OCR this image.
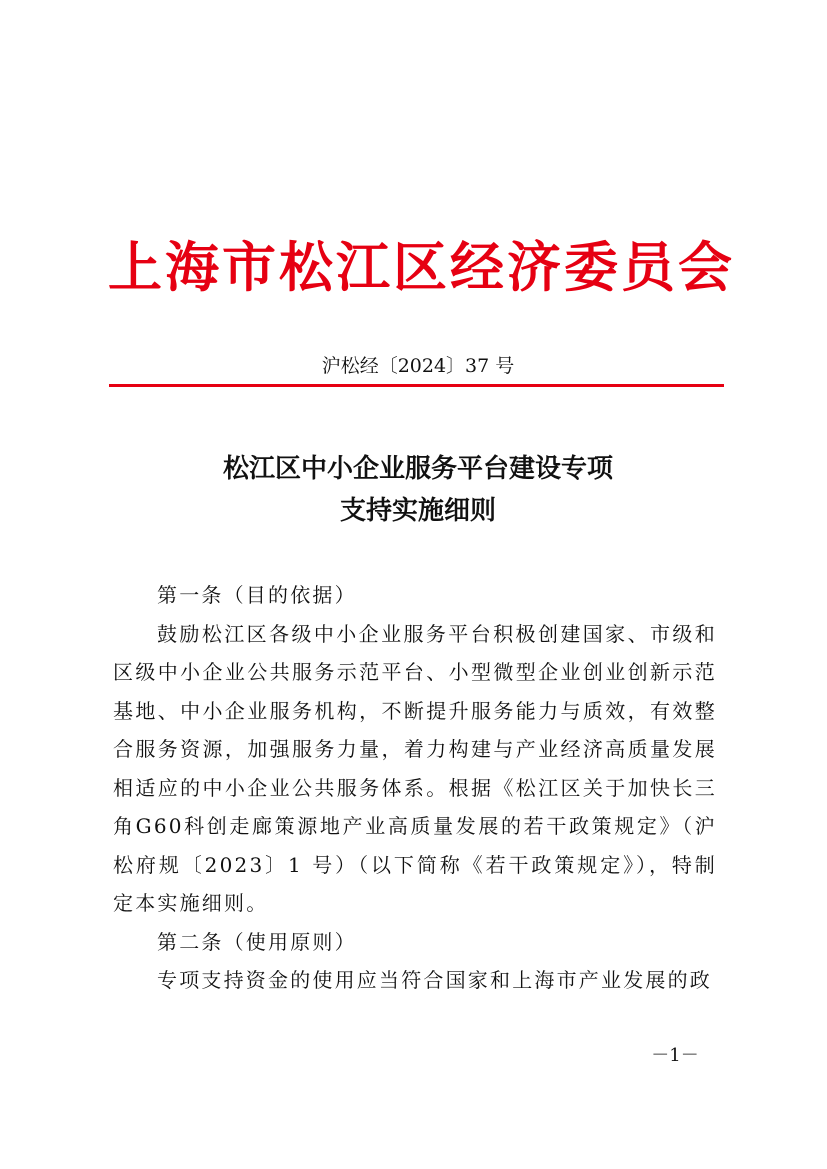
上海市松江区经济委员会
沪松经〔2024〕37 号
松江区中小企业服务平台建设专项
支持实施细则

第一条（目的依据）

鼓励松江区各级中小企业服务平台积极创建国家、市级和区级中小企业公共服务示范平台、小型微型企业创业创新示范基地、中小企业服务机构，不断提升服务能力与质效，有效整合服务资源，加强服务力量，着力构建与产业经济高质量发展相适应的中小企业公共服务体系。根据《松江区关于加快长三角G60科创走廊策源地产业高质量发展的若干政策规定》（沪松府规〔2023〕1 号）（以下简称《若干政策规定》），特制定本实施细则。

第二条（使用原则）

专项支持资金的使用应当符合国家和上海市产业发展的政

－1－
